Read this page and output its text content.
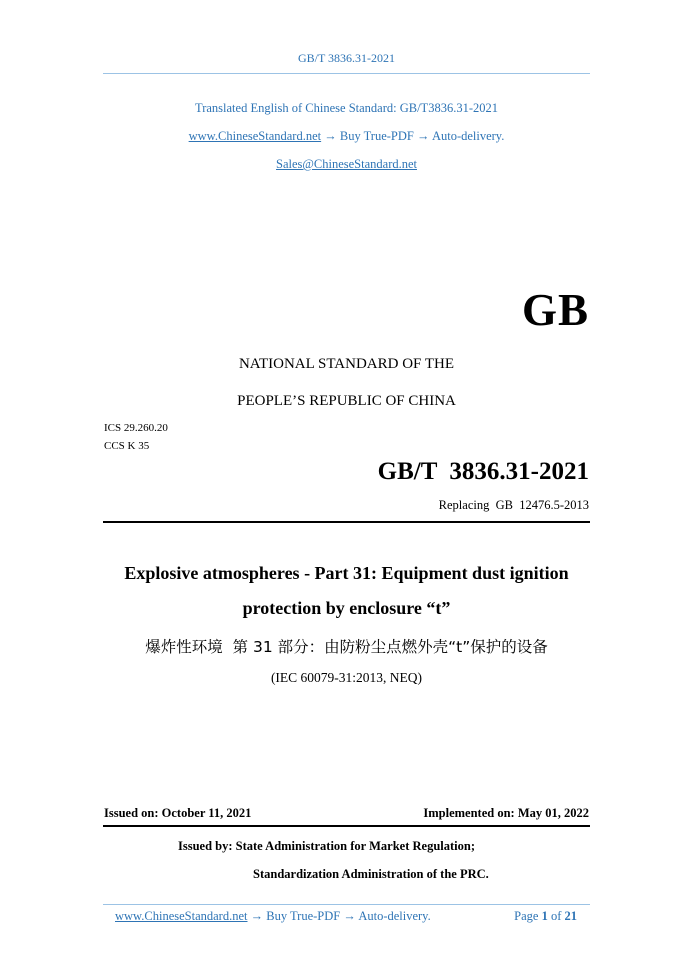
GB/T 3836.31-2021
Translated English of Chinese Standard: GB/T3836.31-2021
www.ChineseStandard.net → Buy True-PDF → Auto-delivery.
Sales@ChineseStandard.net
GB
NATIONAL STANDARD OF THE
PEOPLE’S REPUBLIC OF CHINA
ICS 29.260.20
CCS K 35
GB/T  3836.31-2021
Replacing  GB  12476.5-2013
Explosive atmospheres - Part 31: Equipment dust ignition
protection by enclosure “t”
爆炸性环境  第 31 部分：由防粉尘点燃外壳“t”保护的设备
(IEC 60079-31:2013, NEQ)
Issued on: October 11, 2021	Implemented on: May 01, 2022
Issued by: State Administration for Market Regulation;
Standardization Administration of the PRC.
www.ChineseStandard.net → Buy True-PDF → Auto-delivery.	Page 1 of 21
